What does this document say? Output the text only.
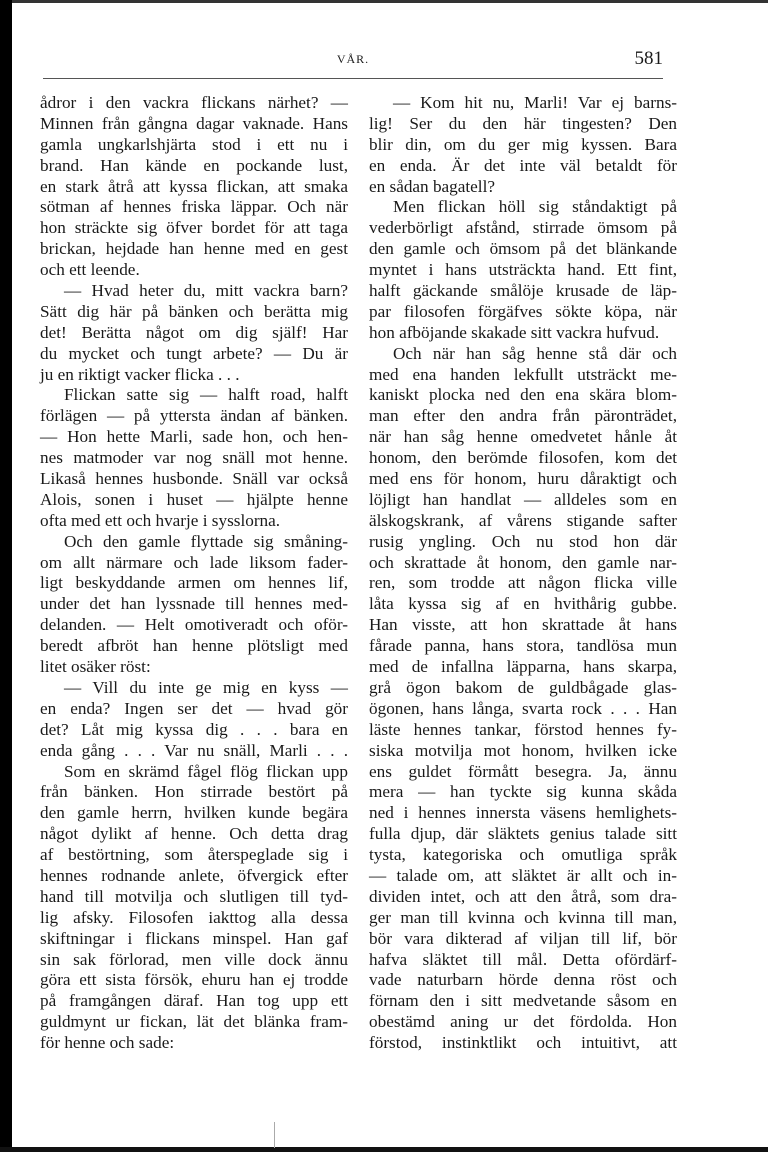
VÅR.	581
ådror i den vackra flickans närhet? —
Minnen från gångna dagar vaknade. Hans
gamla ungkarlshjärta stod i ett nu i
brand. Han kände en pockande lust,
en stark åtrå att kyssa flickan, att smaka
sötman af hennes friska läppar. Och när
hon sträckte sig öfver bordet för att taga
brickan, hejdade han henne med en gest
och ett leende.
— Hvad heter du, mitt vackra barn?
Sätt dig här på bänken och berätta mig
det! Berätta något om dig själf! Har
du mycket och tungt arbete? — Du är
ju en riktigt vacker flicka . . .
Flickan satte sig — halft road, halft
förlägen — på yttersta ändan af bänken.
— Hon hette Marli, sade hon, och hen-
nes matmoder var nog snäll mot henne.
Likaså hennes husbonde. Snäll var också
Alois, sonen i huset — hjälpte henne
ofta med ett och hvarje i sysslorna.
Och den gamle flyttade sig småning-
om allt närmare och lade liksom fader-
ligt beskyddande armen om hennes lif,
under det han lyssnade till hennes med-
delanden. — Helt omotiveradt och oför-
beredt afbröt han henne plötsligt med
litet osäker röst:
— Vill du inte ge mig en kyss —
en enda? Ingen ser det — hvad gör
det? Låt mig kyssa dig . . . bara en
enda gång . . . Var nu snäll, Marli . . .
Som en skrämd fågel flög flickan upp
från bänken. Hon stirrade bestört på
den gamle herrn, hvilken kunde begära
något dylikt af henne. Och detta drag
af bestörtning, som återspeglade sig i
hennes rodnande anlete, öfvergick efter
hand till motvilja och slutligen till tyd-
lig afsky. Filosofen iakttog alla dessa
skiftningar i flickans minspel. Han gaf
sin sak förlorad, men ville dock ännu
göra ett sista försök, ehuru han ej trodde
på framgången däraf. Han tog upp ett
guldmynt ur fickan, lät det blänka fram-
för henne och sade:
— Kom hit nu, Marli! Var ej barns-
lig! Ser du den här tingesten? Den
blir din, om du ger mig kyssen. Bara
en enda. Är det inte väl betaldt för
en sådan bagatell?
Men flickan höll sig ståndaktigt på
vederbörligt afstånd, stirrade ömsom på
den gamle och ömsom på det blänkande
myntet i hans utsträckta hand. Ett fint,
halft gäckande smålöje krusade de läp-
par filosofen förgäfves sökte köpa, när
hon afböjande skakade sitt vackra hufvud.
Och när han såg henne stå där och
med ena handen lekfullt utsträckt me-
kaniskt plocka ned den ena skära blom-
man efter den andra från päronträdet,
när han såg henne omedvetet hånle åt
honom, den berömde filosofen, kom det
med ens för honom, huru dåraktigt och
löjligt han handlat — alldeles som en
älskogskrank, af vårens stigande safter
rusig yngling. Och nu stod hon där
och skrattade åt honom, den gamle nar-
ren, som trodde att någon flicka ville
låta kyssa sig af en hvithårig gubbe.
Han visste, att hon skrattade åt hans
fårade panna, hans stora, tandlösa mun
med de infallna läpparna, hans skarpa,
grå ögon bakom de guldbågade glas-
ögonen, hans långa, svarta rock . . . Han
läste hennes tankar, förstod hennes fy-
siska motvilja mot honom, hvilken icke
ens guldet förmått besegra. Ja, ännu
mera — han tyckte sig kunna skåda
ned i hennes innersta väsens hemlighets-
fulla djup, där släktets genius talade sitt
tysta, kategoriska och omutliga språk
— talade om, att släktet är allt och in-
dividen intet, och att den åtrå, som dra-
ger man till kvinna och kvinna till man,
bör vara dikterad af viljan till lif, bör
hafva släktet till mål. Detta ofördärf-
vade naturbarn hörde denna röst och
förnam den i sitt medvetande såsom en
obestämd aning ur det fördolda. Hon
förstod, instinktlikt och intuitivt, att
